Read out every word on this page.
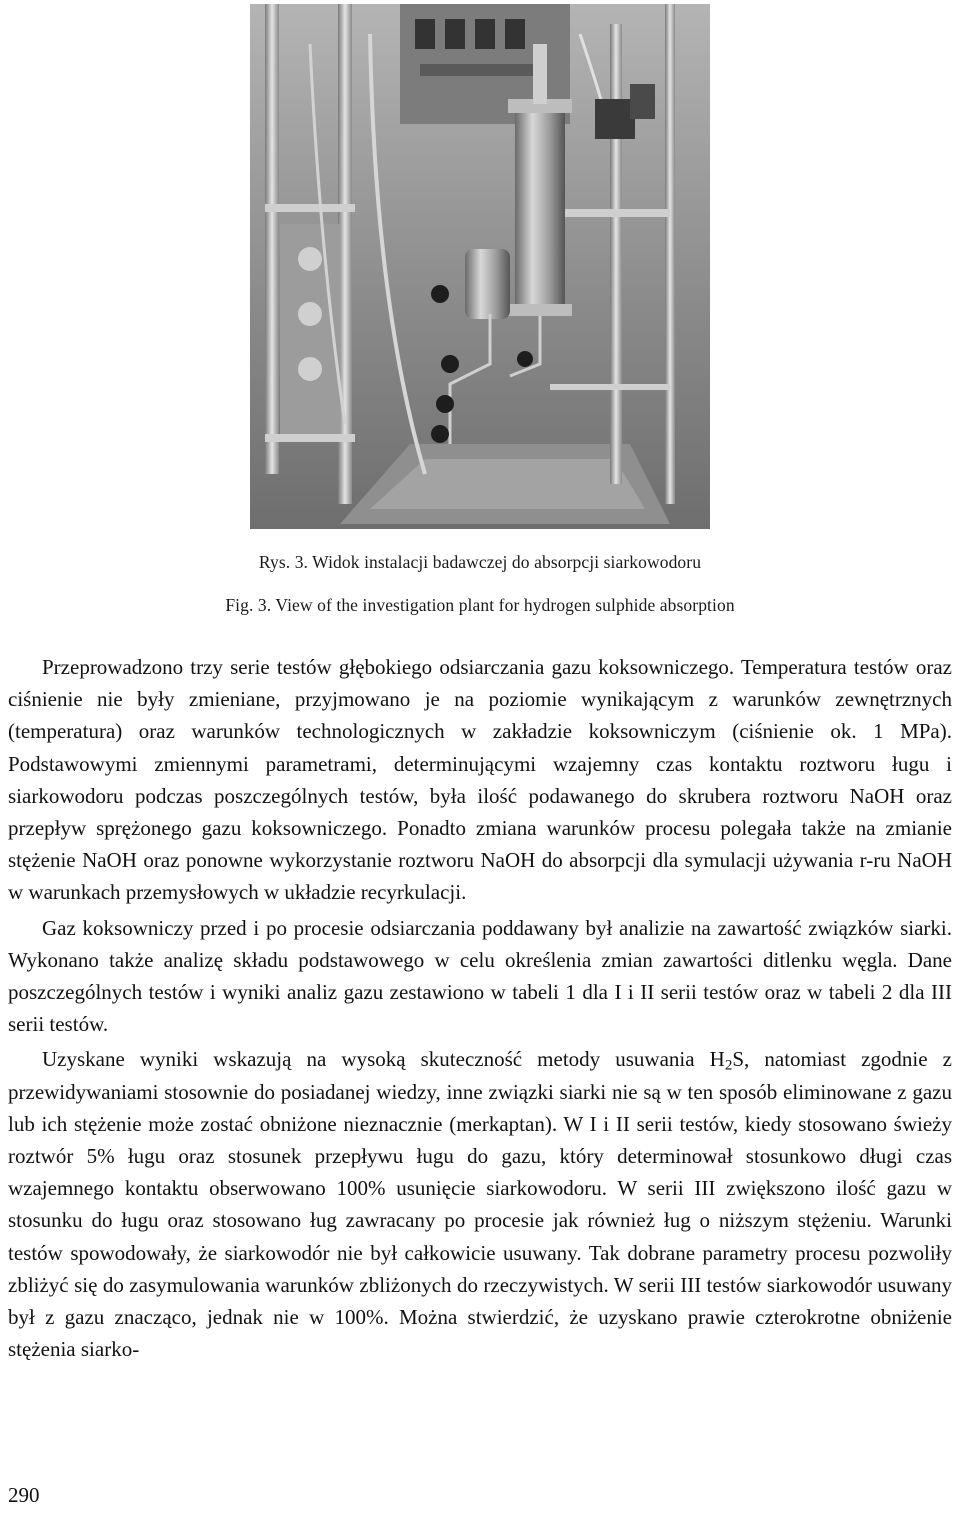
Rys. 3. Widok instalacji badawczej do absorpcji siarkowodoru
Fig. 3. View of the investigation plant for hydrogen sulphide absorption

Przeprowadzono trzy serie testów głębokiego odsiarczania gazu koksowniczego. Temperatura testów oraz ciśnienie nie były zmieniane, przyjmowano je na poziomie wynikającym z warunków zewnętrznych (temperatura) oraz warunków technologicznych w zakładzie koksowniczym (ciśnienie ok. 1 MPa). Podstawowymi zmiennymi parametrami, determinującymi wzajemny czas kontaktu roztworu ługu i siarkowodoru podczas poszczególnych testów, była ilość podawanego do skrubera roztworu NaOH oraz przepływ sprężonego gazu koksowniczego. Ponadto zmiana warunków procesu polegała także na zmianie stężenie NaOH oraz ponowne wykorzystanie roztworu NaOH do absorpcji dla symulacji używania r-ru NaOH w warunkach przemysłowych w układzie recyrkulacji.

Gaz koksowniczy przed i po procesie odsiarczania poddawany był analizie na zawartość związków siarki. Wykonano także analizę składu podstawowego w celu określenia zmian zawartości ditlenku węgla. Dane poszczególnych testów i wyniki analiz gazu zestawiono w tabeli 1 dla I i II serii testów oraz w tabeli 2 dla III serii testów.

Uzyskane wyniki wskazują na wysoką skuteczność metody usuwania $H_2S$, natomiast zgodnie z przewidywaniami stosownie do posiadanej wiedzy, inne związki siarki nie są w ten sposób eliminowane z gazu lub ich stężenie może zostać obniżone nieznacznie (merkaptan). W I i II serii testów, kiedy stosowano świeży roztwór 5% ługu oraz stosunek przepływu ługu do gazu, który determinował stosunkowo długi czas wzajemnego kontaktu obserwowano 100% usunięcie siarkowodoru. W serii III zwiększono ilość gazu w stosunku do ługu oraz stosowano ług zawracany po procesie jak również ług o niższym stężeniu. Warunki testów spowodowały, że siarkowodór nie był całkowicie usuwany. Tak dobrane parametry procesu pozwoliły zbliżyć się do zasymulowania warunków zbliżonych do rzeczywistych. W serii III testów siarkowodór usuwany był z gazu znacząco, jednak nie w 100%. Można stwierdzić, że uzyskano prawie czterokrotne obniżenie stężenia siarko-

290
